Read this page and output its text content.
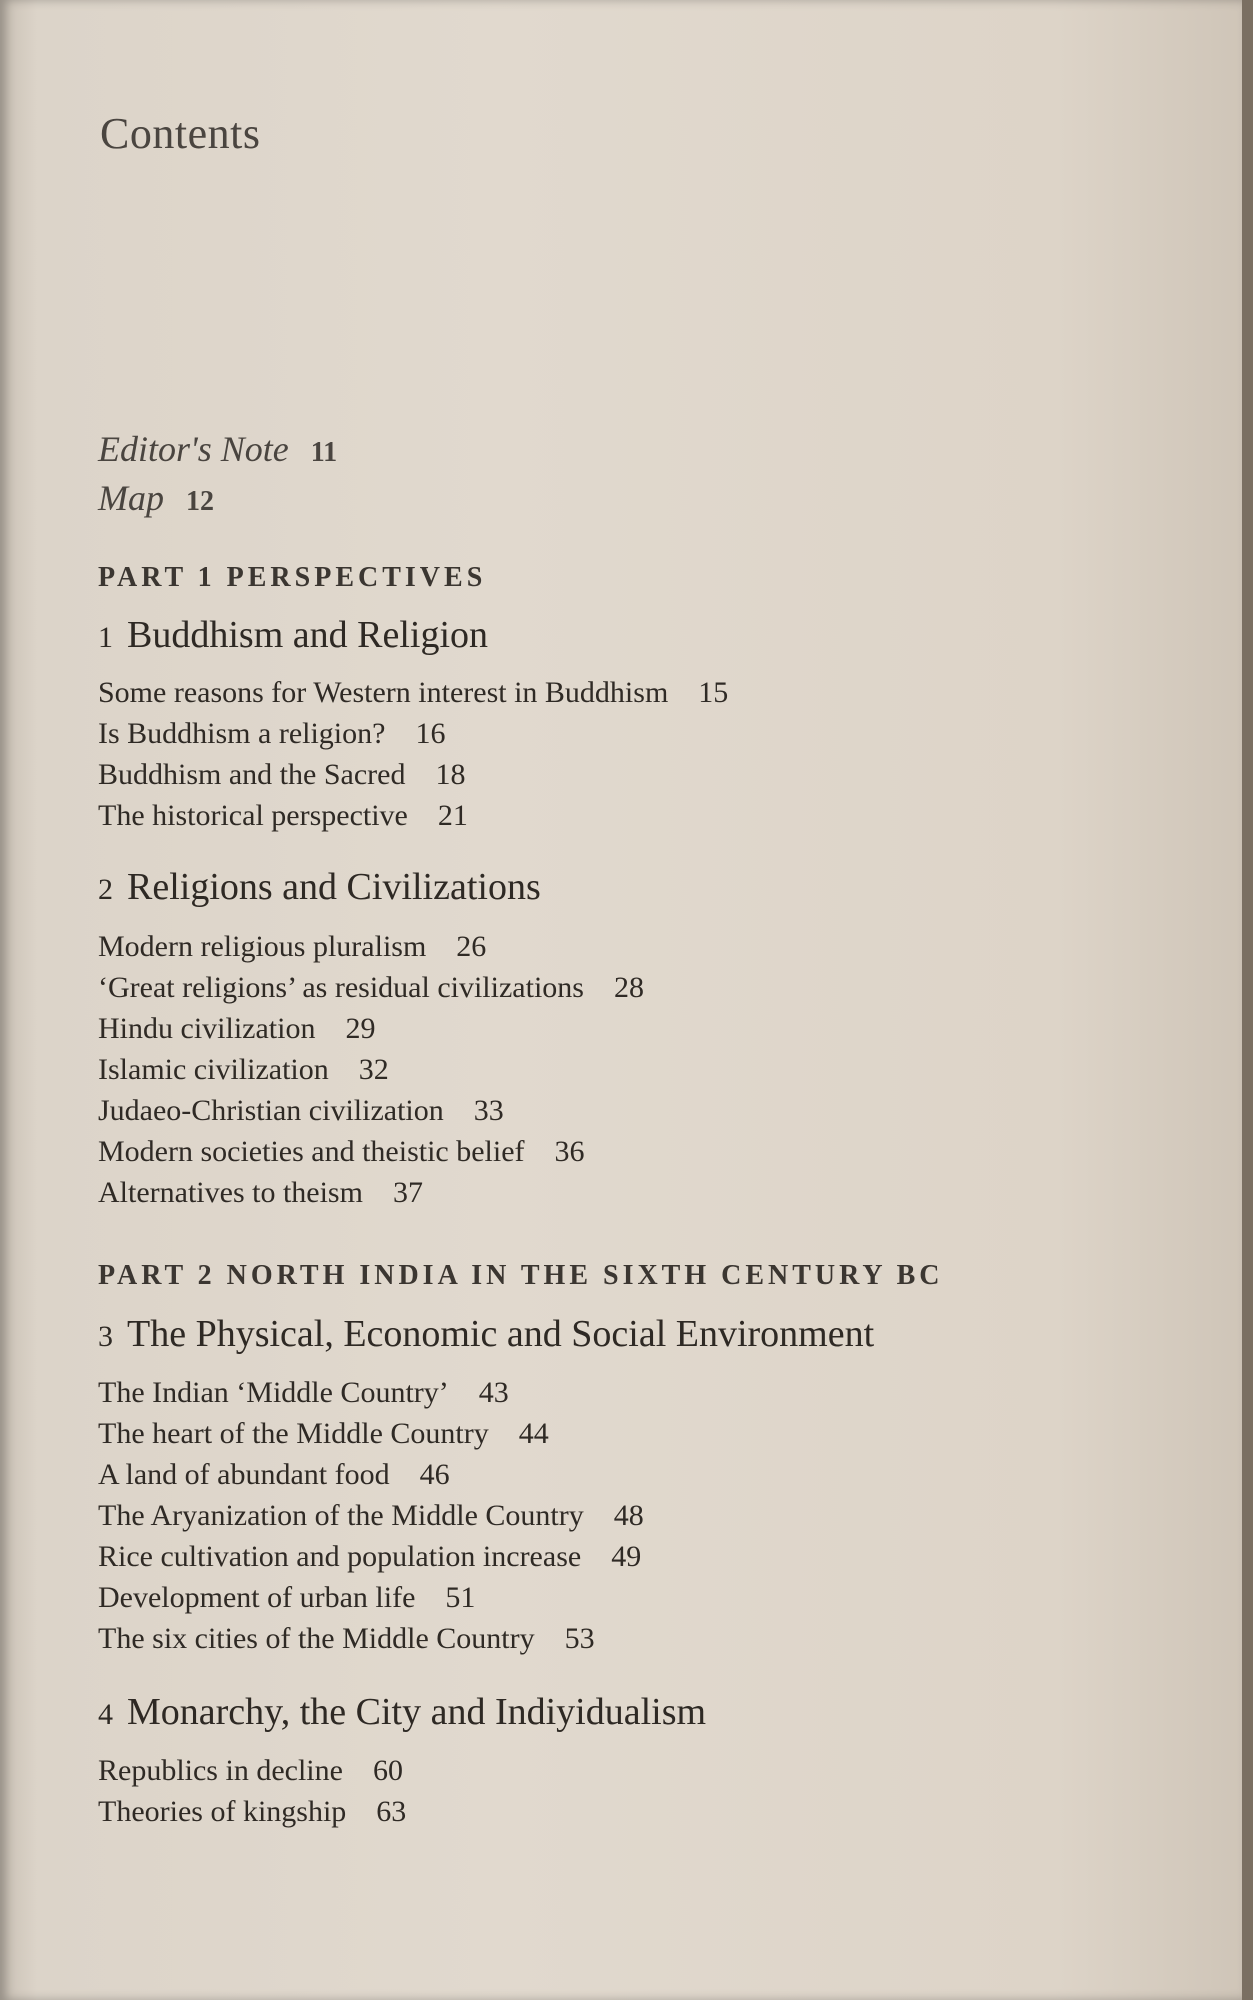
Contents
Editor's Note 11
Map 12
PART 1 PERSPECTIVES
1 Buddhism and Religion
Some reasons for Western interest in Buddhism 15
Is Buddhism a religion? 16
Buddhism and the Sacred 18
The historical perspective 21
2 Religions and Civilizations
Modern religious pluralism 26
‘Great religions’ as residual civilizations 28
Hindu civilization 29
Islamic civilization 32
Judaeo-Christian civilization 33
Modern societies and theistic belief 36
Alternatives to theism 37
PART 2 NORTH INDIA IN THE SIXTH CENTURY BC
3 The Physical, Economic and Social Environment
The Indian ‘Middle Country’ 43
The heart of the Middle Country 44
A land of abundant food 46
The Aryanization of the Middle Country 48
Rice cultivation and population increase 49
Development of urban life 51
The six cities of the Middle Country 53
4 Monarchy, the City and Indiyidualism
Republics in decline 60
Theories of kingship 63
